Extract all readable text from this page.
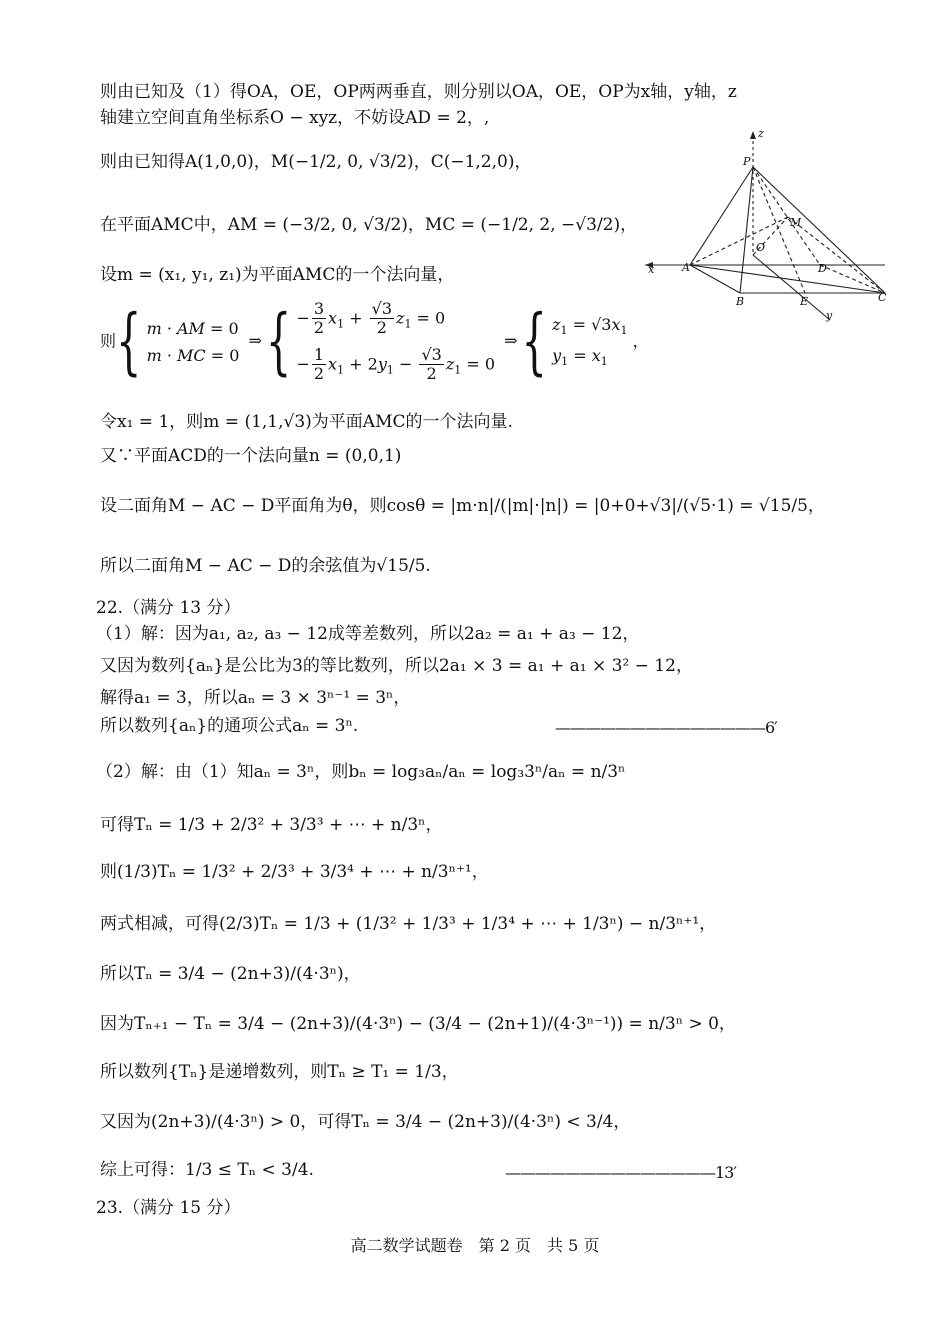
则由已知及（1）得OA，OE，OP两两垂直，则分别以OA，OE，OP为x轴，y轴，z
轴建立空间直角坐标系O − xyz，不妨设AD = 2，,
则由已知得A(1,0,0)，M(−1/2, 0, √3/2)，C(−1,2,0)，
在平面AMC中，AM = (−3/2, 0, √3/2)，MC = (−1/2, 2, −√3/2)，
设m = (x₁, y₁, z₁)为平面AMC的一个法向量，
则{ m · AM = 0
m · MC = 0
⇒ { − $\frac{3}{2} x_1 + \frac{√3}{2} z_1 = 0$
− $\frac{1}{2} x_1 + 2y_1 - \frac{√3}{2} z_1 = 0$
⇒ { $z_1 = √3x_1$
$y_1 = x_1$
，
令x₁ = 1，则m = (1,1,√3)为平面AMC的一个法向量.
又∵平面ACD的一个法向量n = (0,0,1)
设二面角M − AC − D平面角为θ，则cosθ = |m·n|/(|m|·|n|) = |0+0+√3|/(√5·1) = √15/5，
所以二面角M − AC − D的余弦值为√15/5.
z
P
M
O
D
x	A
B	E	C
y
22.（满分 13 分）
（1）解：因为a₁, a₂, a₃ − 12成等差数列，所以2a₂ = a₁ + a₃ − 12，
又因为数列{aₙ}是公比为3的等比数列，所以2a₁ × 3 = a₁ + a₁ × 3² − 12，
解得a₁ = 3，所以aₙ = 3 × 3ⁿ⁻¹ = 3ⁿ，
所以数列{aₙ}的通项公式aₙ = 3ⁿ.	——————————————6′
（2）解：由（1）知aₙ = 3ⁿ，则bₙ = log₃aₙ/aₙ = log₃3ⁿ/aₙ = n/3ⁿ
可得Tₙ = 1/3 + 2/3² + 3/3³ + ⋯ + n/3ⁿ，
则(1/3)Tₙ = 1/3² + 2/3³ + 3/3⁴ + ⋯ + n/3ⁿ⁺¹，
两式相减，可得(2/3)Tₙ = 1/3 + (1/3² + 1/3³ + 1/3⁴ + ⋯ + 1/3ⁿ) − n/3ⁿ⁺¹，
所以Tₙ = 3/4 − (2n+3)/(4·3ⁿ)，
因为Tₙ₊₁ − Tₙ = 3/4 − (2n+3)/(4·3ⁿ) − (3/4 − (2n+1)/(4·3ⁿ⁻¹)) = n/3ⁿ > 0，
所以数列{Tₙ}是递增数列，则Tₙ ≥ T₁ = 1/3，
又因为(2n+3)/(4·3ⁿ) > 0，可得Tₙ = 3/4 − (2n+3)/(4·3ⁿ) < 3/4，
综上可得：1/3 ≤ Tₙ < 3/4.	——————————————13′
23.（满分 15 分）
高二数学试题卷　第 2 页　共 5 页
